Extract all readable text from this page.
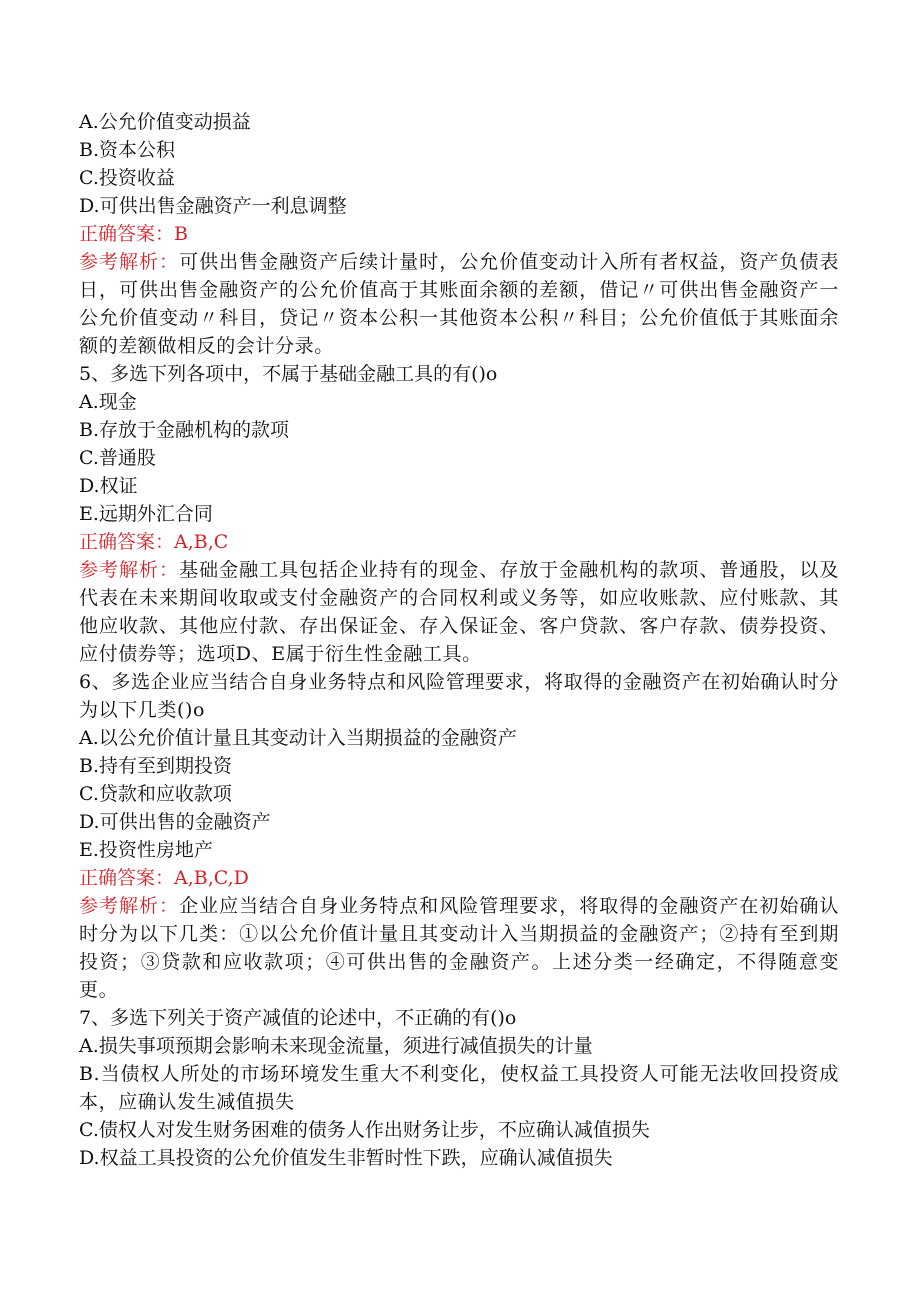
A.公允价值变动损益
B.资本公积
C.投资收益
D.可供出售金融资产一利息调整
正确答案：B
参考解析：可供出售金融资产后续计量时，公允价值变动计入所有者权益，资产负债表日，可供出售金融资产的公允价值高于其账面余额的差额，借记〃可供出售金融资产一公允价值变动〃科目，贷记〃资本公积一其他资本公积〃科目；公允价值低于其账面余额的差额做相反的会计分录。
5、多选下列各项中，不属于基础金融工具的有()o
A.现金
B.存放于金融机构的款项
C.普通股
D.权证
E.远期外汇合同
正确答案：A,B,C
参考解析：基础金融工具包括企业持有的现金、存放于金融机构的款项、普通股，以及代表在未来期间收取或支付金融资产的合同权利或义务等，如应收账款、应付账款、其他应收款、其他应付款、存出保证金、存入保证金、客户贷款、客户存款、债券投资、应付债券等；选项D、E属于衍生性金融工具。
6、多选企业应当结合自身业务特点和风险管理要求，将取得的金融资产在初始确认时分为以下几类()o
A.以公允价值计量且其变动计入当期损益的金融资产
B.持有至到期投资
C.贷款和应收款项
D.可供出售的金融资产
E.投资性房地产
正确答案：A,B,C,D
参考解析：企业应当结合自身业务特点和风险管理要求，将取得的金融资产在初始确认时分为以下几类：①以公允价值计量且其变动计入当期损益的金融资产；②持有至到期投资；③贷款和应收款项；④可供出售的金融资产。上述分类一经确定，不得随意变更。
7、多选下列关于资产减值的论述中，不正确的有()o
A.损失事项预期会影响未来现金流量，须进行减值损失的计量
B.当债权人所处的市场环境发生重大不利变化，使权益工具投资人可能无法收回投资成本，应确认发生减值损失
C.债权人对发生财务困难的债务人作出财务让步，不应确认减值损失
D.权益工具投资的公允价值发生非暂时性下跌，应确认减值损失
